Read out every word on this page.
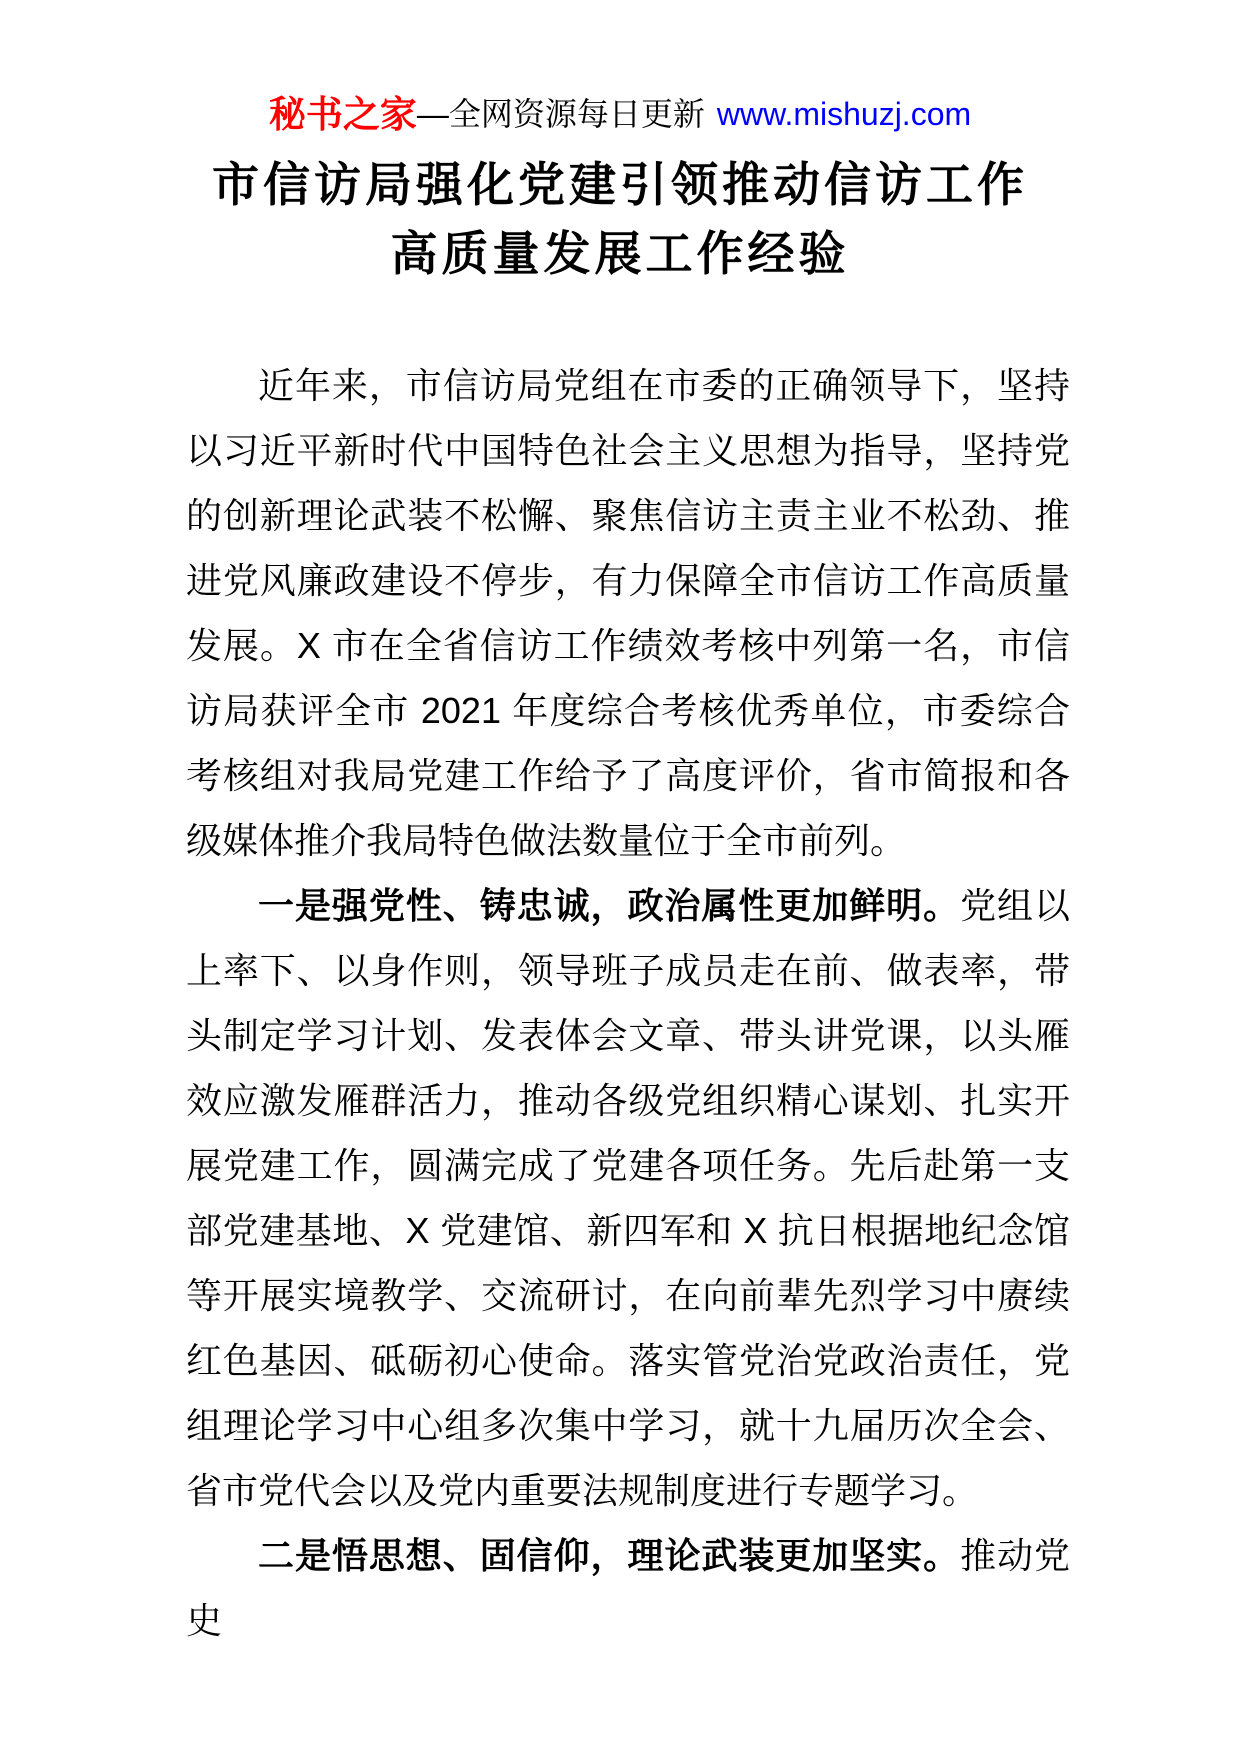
秘书之家—全网资源每日更新 www.mishuzj.com
市信访局强化党建引领推动信访工作
高质量发展工作经验

近年来，市信访局党组在市委的正确领导下，坚持以习近平新时代中国特色社会主义思想为指导，坚持党的创新理论武装不松懈、聚焦信访主责主业不松劲、推进党风廉政建设不停步，有力保障全市信访工作高质量发展。X 市在全省信访工作绩效考核中列第一名，市信访局获评全市 2021 年度综合考核优秀单位，市委综合考核组对我局党建工作给予了高度评价，省市简报和各级媒体推介我局特色做法数量位于全市前列。

一是强党性、铸忠诚，政治属性更加鲜明。党组以上率下、以身作则，领导班子成员走在前、做表率，带头制定学习计划、发表体会文章、带头讲党课，以头雁效应激发雁群活力，推动各级党组织精心谋划、扎实开展党建工作，圆满完成了党建各项任务。先后赴第一支部党建基地、X 党建馆、新四军和 X 抗日根据地纪念馆等开展实境教学、交流研讨，在向前辈先烈学习中赓续红色基因、砥砺初心使命。落实管党治党政治责任，党组理论学习中心组多次集中学习，就十九届历次全会、省市党代会以及党内重要法规制度进行专题学习。

二是悟思想、固信仰，理论武装更加坚实。推动党史
